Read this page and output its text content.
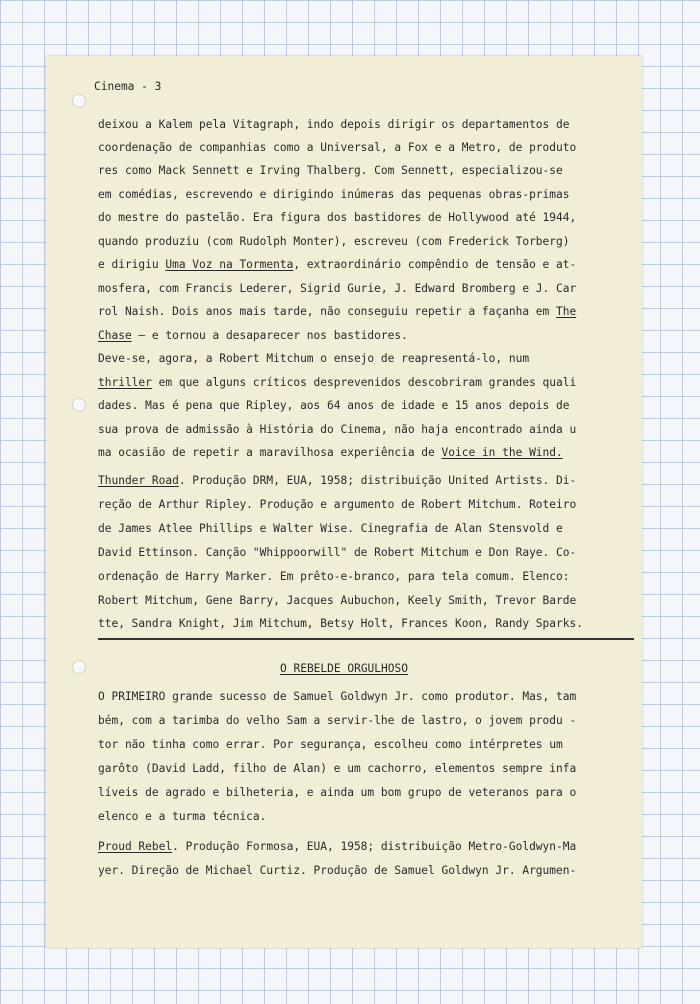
Cinema - 3
deixou a Kalem pela Vitagraph, indo depois dirigir os departamentos de
coordenação de companhias como a Universal, a Fox e a Metro, de produto
res como Mack Sennett e Irving Thalberg. Com Sennett, especializou-se
em comédias, escrevendo e dirigindo inúmeras das pequenas obras-primas
do mestre do pastelão. Era figura dos bastidores de Hollywood até 1944,
quando produziu (com Rudolph Monter), escreveu (com Frederick Torberg)
e dirigiu Uma Voz na Tormenta, extraordinário compêndio de tensão e at-
mosfera, com Francis Lederer, Sigrid Gurie, J. Edward Bromberg e J. Car
rol Naish. Dois anos mais tarde, não conseguiu repetir a façanha em The
Chase — e tornou a desaparecer nos bastidores.
Deve-se, agora, a Robert Mitchum o ensejo de reapresentá-lo, num
thriller em que alguns críticos desprevenidos descobriram grandes quali
dades. Mas é pena que Ripley, aos 64 anos de idade e 15 anos depois de
sua prova de admissão à História do Cinema, não haja encontrado ainda u
ma ocasião de repetir a maravilhosa experiência de Voice in the Wind.
Thunder Road. Produção DRM, EUA, 1958; distribuição United Artists. Di-
reção de Arthur Ripley. Produção e argumento de Robert Mitchum. Roteiro
de James Atlee Phillips e Walter Wise. Cinegrafia de Alan Stensvold e
David Ettinson. Canção "Whippoorwill" de Robert Mitchum e Don Raye. Co-
ordenação de Harry Marker. Em prêto-e-branco, para tela comum. Elenco:
Robert Mitchum, Gene Barry, Jacques Aubuchon, Keely Smith, Trevor Barde
tte, Sandra Knight, Jim Mitchum, Betsy Holt, Frances Koon, Randy Sparks.
O REBELDE ORGULHOSO
O PRIMEIRO grande sucesso de Samuel Goldwyn Jr. como produtor. Mas, tam
bém, com a tarimba do velho Sam a servir-lhe de lastro, o jovem produ -
tor não tinha como errar. Por segurança, escolheu como intérpretes um
garôto (David Ladd, filho de Alan) e um cachorro, elementos sempre infa
líveis de agrado e bilheteria, e ainda um bom grupo de veteranos para o
elenco e a turma técnica.
Proud Rebel. Produção Formosa, EUA, 1958; distribuição Metro-Goldwyn-Ma
yer. Direção de Michael Curtiz. Produção de Samuel Goldwyn Jr. Argumen-
